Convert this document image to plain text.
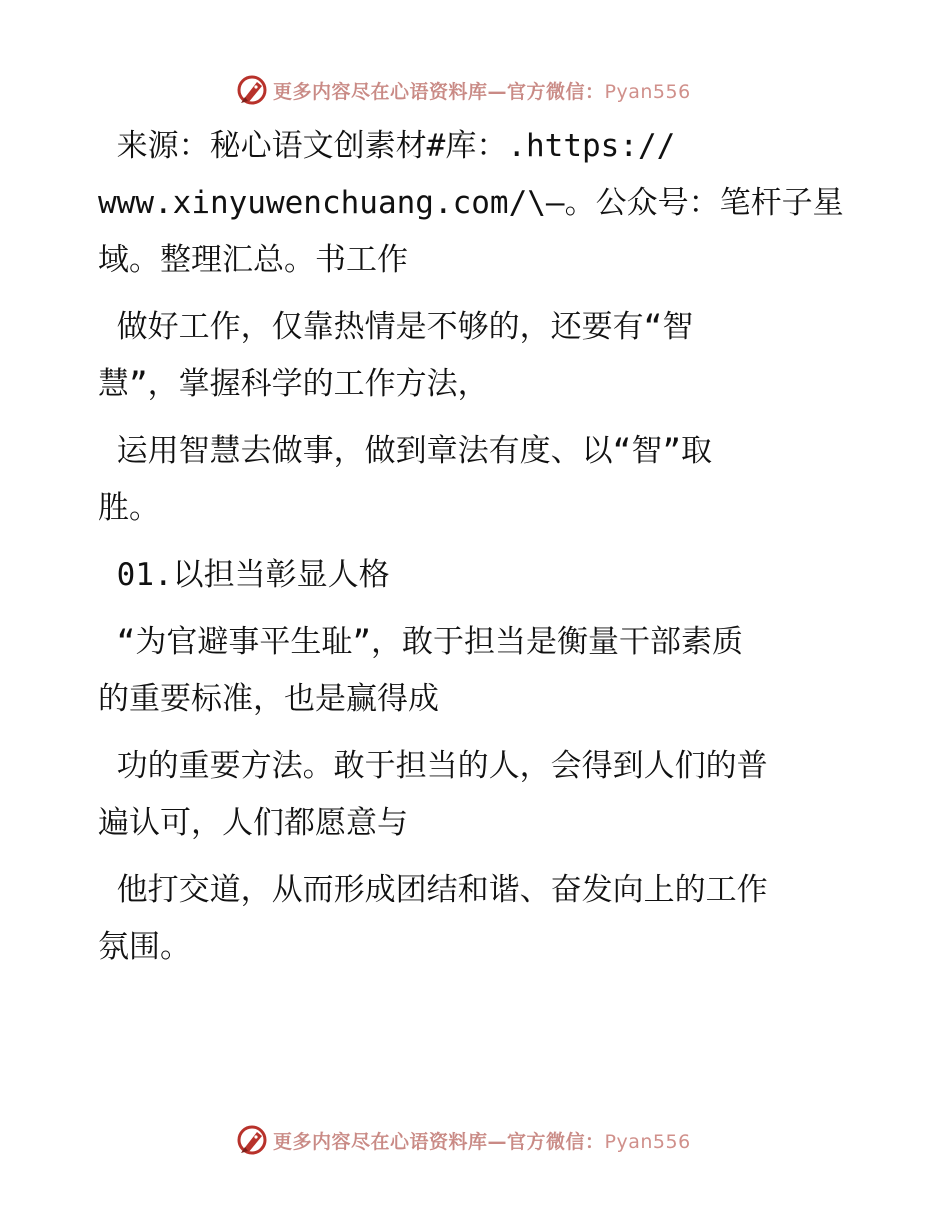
更多内容尽在心语资料库—官方微信：Pyan556

来源：秘心语文创素材#库：.https://
www.xinyuwenchuang.com/\—。公众号：笔杆子星
域。整理汇总。书工作

做好工作，仅靠热情是不够的，还要有“智
慧”，掌握科学的工作方法，

运用智慧去做事，做到章法有度、以“智”取
胜。

01.以担当彰显人格

“为官避事平生耻”，敢于担当是衡量干部素质
的重要标准，也是赢得成

功的重要方法。敢于担当的人，会得到人们的普
遍认可，人们都愿意与

他打交道，从而形成团结和谐、奋发向上的工作
氛围。

更多内容尽在心语资料库—官方微信：Pyan556
